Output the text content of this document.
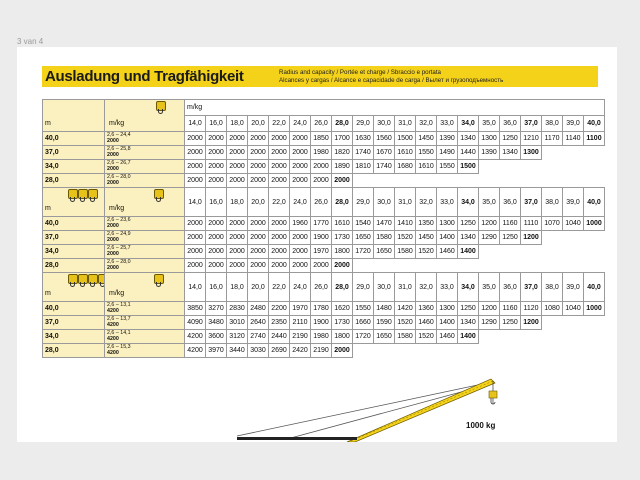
3 van 4
Ausladung und Tragfähigkeit	Radius and capacity / Portée et charge / Sbraccio e portata
Alcances y cargas / Alcance e capacidade de carga / Вылет и грузоподъемность
m	m/kg	m/kg																			
		14,0	16,0	18,0	20,0	22,0	24,0	26,0	28,0	29,0	30,0	31,0	32,0	33,0	34,0	35,0	36,0	37,0	38,0	39,0	40,0
40,0	2,6 – 24,4
2000	2000	2000	2000	2000	2000	2000	1850	1700	1630	1560	1500	1450	1390	1340	1300	1250	1210	1170	1140	1100
37,0	2,6 – 25,8
2000	2000	2000	2000	2000	2000	2000	1980	1820	1740	1670	1610	1550	1490	1440	1390	1340	1300			
34,0	2,6 – 26,7
2000	2000	2000	2000	2000	2000	2000	2000	1890	1810	1740	1680	1610	1550	1500						
28,0	2,6 – 28,0
2000	2000	2000	2000	2000	2000	2000	2000	2000												

m	m/kg	14,0	16,0	18,0	20,0	22,0	24,0	26,0	28,0	29,0	30,0	31,0	32,0	33,0	34,0	35,0	36,0	37,0	38,0	39,0	40,0
40,0	2,6 – 23,6
2000	2000	2000	2000	2000	2000	1960	1770	1610	1540	1470	1410	1350	1300	1250	1200	1160	1110	1070	1040	1000
37,0	2,6 – 24,9
2000	2000	2000	2000	2000	2000	2000	1900	1730	1650	1580	1520	1450	1400	1340	1290	1250	1200			
34,0	2,6 – 25,7
2000	2000	2000	2000	2000	2000	2000	1970	1800	1720	1650	1580	1520	1460	1400						
28,0	2,6 – 28,0
2000	2000	2000	2000	2000	2000	2000	2000	2000												

m	m/kg	14,0	16,0	18,0	20,0	22,0	24,0	26,0	28,0	29,0	30,0	31,0	32,0	33,0	34,0	35,0	36,0	37,0	38,0	39,0	40,0
40,0	2,6 – 13,1
4200	3850	3270	2830	2480	2200	1970	1780	1620	1550	1480	1420	1360	1300	1250	1200	1160	1120	1080	1040	1000
37,0	2,6 – 13,7
4200	4090	3480	3010	2640	2350	2110	1900	1730	1660	1590	1520	1460	1400	1340	1290	1250	1200			
34,0	2,6 – 14,1
4200	4200	3600	3120	2740	2440	2190	1980	1800	1720	1650	1580	1520	1460	1400						
28,0	2,6 – 15,3
4200	4200	3970	3440	3030	2690	2420	2190	2000												
1000 kg
